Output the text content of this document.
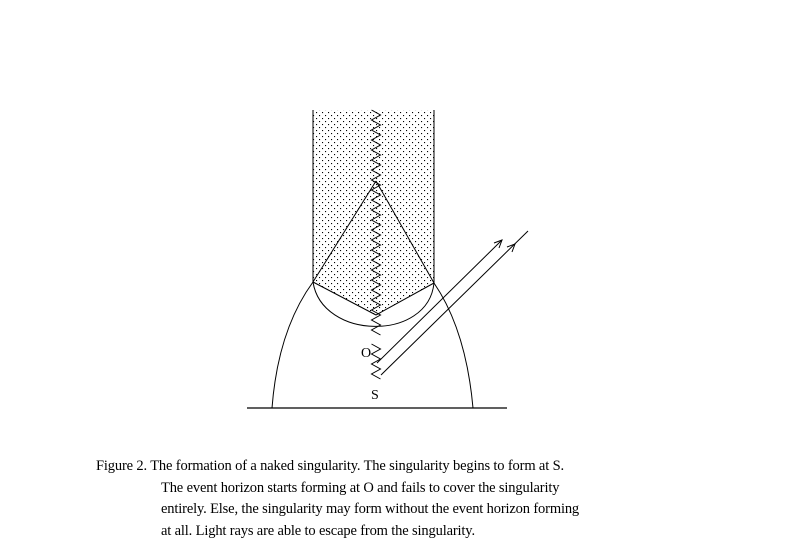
O
S
Figure 2. The formation of a naked singularity. The singularity begins to form at S.
The event horizon starts forming at O and fails to cover the singularity
entirely. Else, the singularity may form without the event horizon forming
at all. Light rays are able to escape from the singularity.
